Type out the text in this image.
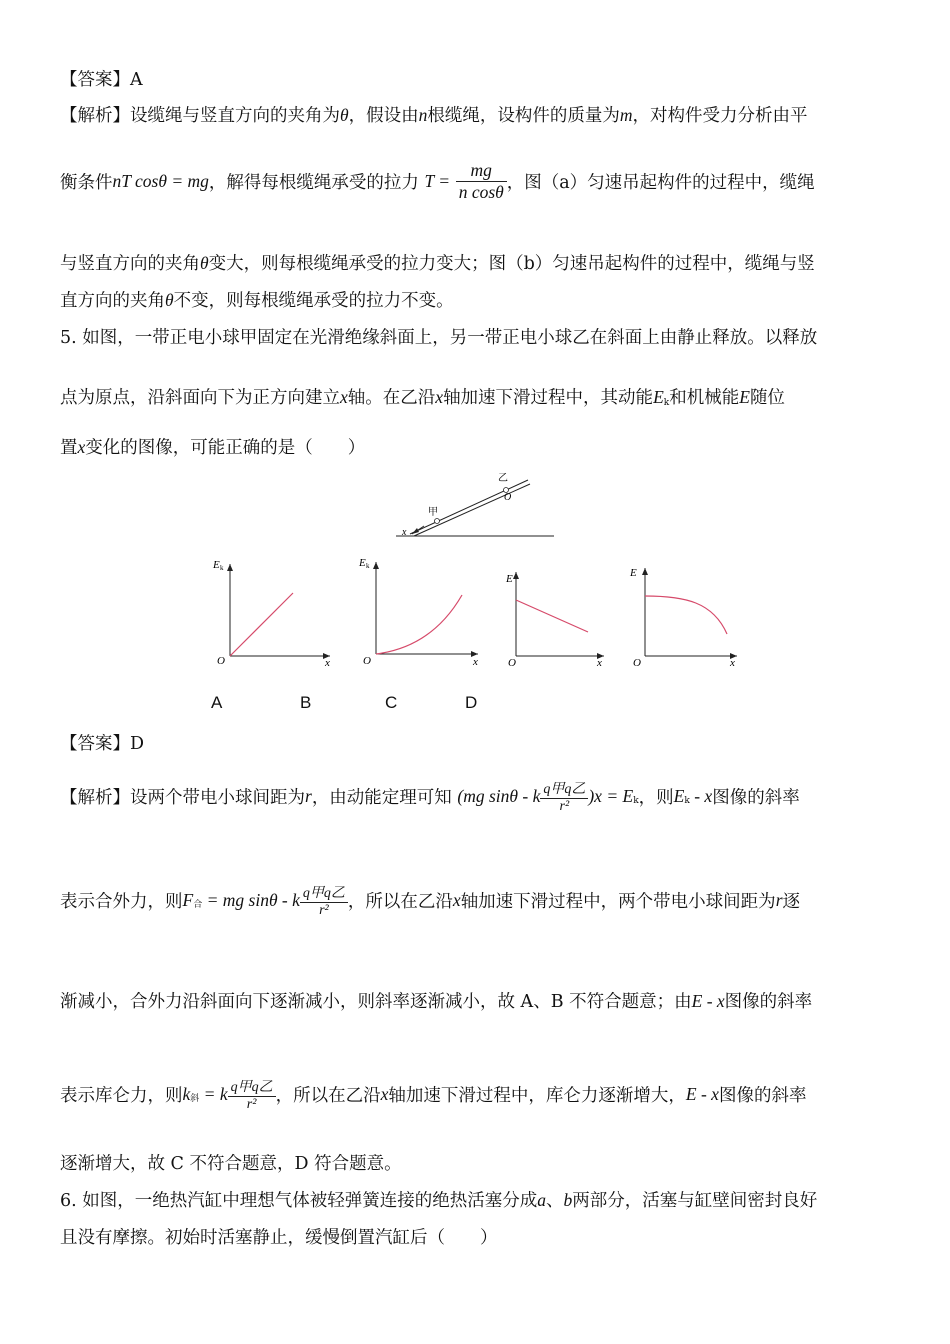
【答案】A
【解析】设缆绳与竖直方向的夹角为θ，假设由n根缆绳，设构件的质量为m，对构件受力分析由平
衡条件nT cosθ = mg，解得每根缆绳承受的拉力 $T = \frac{mg}{\text{n cosθ}}$ ，图（a）匀速吊起构件的过程中，缆绳
与竖直方向的夹角θ变大，则每根缆绳承受的拉力变大；图（b）匀速吊起构件的过程中，缆绳与竖
直方向的夹角θ不变，则每根缆绳承受的拉力不变。
5. 如图，一带正电小球甲固定在光滑绝缘斜面上，另一带正电小球乙在斜面上由静止释放。以释放
点为原点，沿斜面向下为正方向建立x轴。在乙沿x轴加速下滑过程中，其动能$E_k$和机械能E随位
置x变化的图像，可能正确的是（　　）
甲
乙
O
x
E k
O	x
E k
O	x
E
O	x
E
O	x
A	B	C	D
【答案】D
【解析】设两个带电小球间距为r，由动能定理可知 (mg sinθ - k $\frac{\text{q甲q乙}}{\text{r²}} )x = E_k$，则$E_k$ - x图像的斜率
表示合外力，则$F_合$ = mg sinθ - k $\frac{\text{q甲q乙}}{\text{r²}}$ ，所以在乙沿x轴加速下滑过程中，两个带电小球间距为r逐
渐减小，合外力沿斜面向下逐渐减小，则斜率逐渐减小，故 A、B 不符合题意；由E - x图像的斜率
表示库仑力，则$k_斜 = k \frac{\text{q甲q乙}}{\text{r²}}$ ，所以在乙沿x轴加速下滑过程中，库仑力逐渐增大，E - x图像的斜率
逐渐增大，故 C 不符合题意，D 符合题意。
6. 如图，一绝热汽缸中理想气体被轻弹簧连接的绝热活塞分成a、b两部分，活塞与缸壁间密封良好
且没有摩擦。初始时活塞静止，缓慢倒置汽缸后（　　）
